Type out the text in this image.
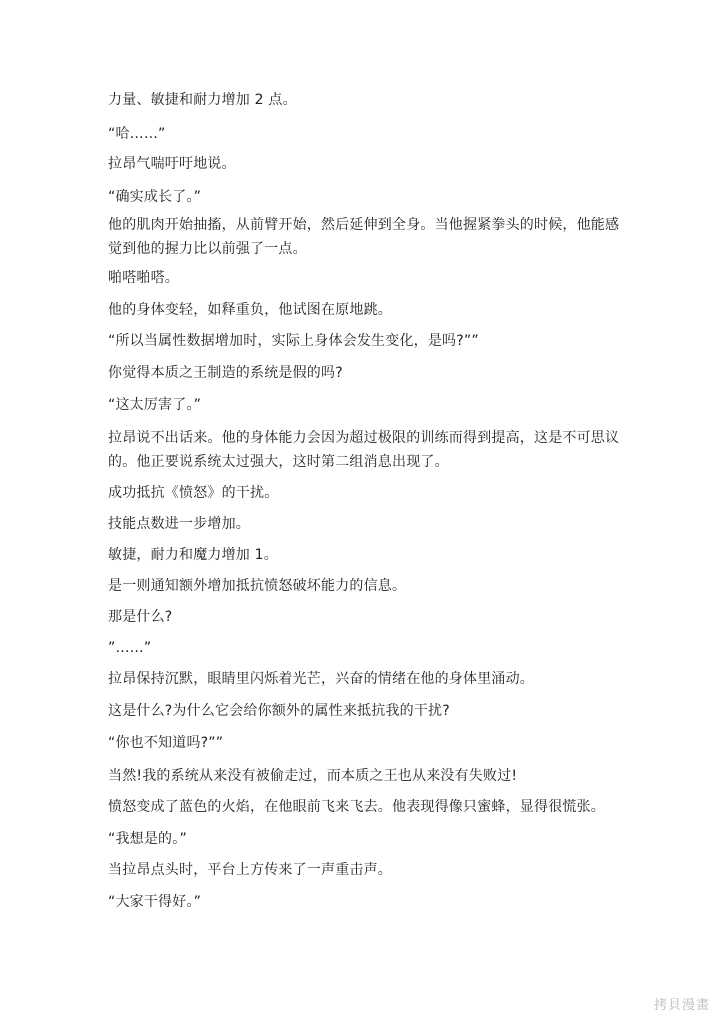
力量、敏捷和耐力增加 2 点。
“哈……”
拉昂气喘吁吁地说。
“确实成长了。”
他的肌肉开始抽搐，从前臂开始，然后延伸到全身。当他握紧拳头的时候，他能感觉到他的握力比以前强了一点。
啪嗒啪嗒。
他的身体变轻，如释重负，他试图在原地跳。
“所以当属性数据增加时，实际上身体会发生变化，是吗?””
你觉得本质之王制造的系统是假的吗?
“这太厉害了。”
拉昂说不出话来。他的身体能力会因为超过极限的训练而得到提高，这是不可思议的。他正要说系统太过强大，这时第二组消息出现了。
成功抵抗《愤怒》的干扰。
技能点数进一步增加。
敏捷，耐力和魔力增加 1。
是一则通知额外增加抵抗愤怒破坏能力的信息。
那是什么?
”……”
拉昂保持沉默，眼睛里闪烁着光芒，兴奋的情绪在他的身体里涌动。
这是什么?为什么它会给你额外的属性来抵抗我的干扰?
“你也不知道吗?””
当然!我的系统从来没有被偷走过，而本质之王也从来没有失败过!
愤怒变成了蓝色的火焰，在他眼前飞来飞去。他表现得像只蜜蜂，显得很慌张。
“我想是的。”
当拉昂点头时，平台上方传来了一声重击声。
“大家干得好。”
拷貝漫畫
